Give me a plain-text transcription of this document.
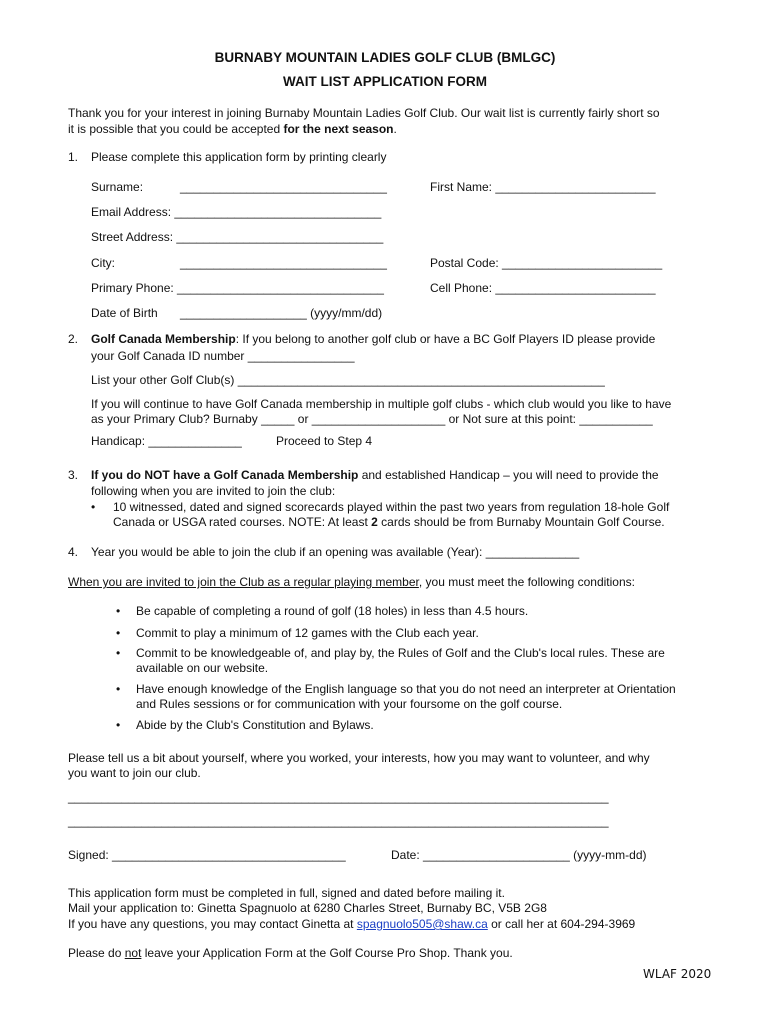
BURNABY MOUNTAIN LADIES GOLF CLUB (BMLGC)
WAIT LIST APPLICATION FORM
Thank you for your interest in joining Burnaby Mountain Ladies Golf Club. Our wait list is currently fairly short so
it is possible that you could be accepted for the next season.
1. Please complete this application form by printing clearly
Surname:	_______________________________	First Name: ________________________
Email Address: _______________________________
Street Address: _______________________________
City:	_______________________________	Postal Code: ________________________
Primary Phone: _______________________________	Cell Phone: ________________________
Date of Birth ___________________ (yyyy/mm/dd)
2. Golf Canada Membership: If you belong to another golf club or have a BC Golf Players ID please provide
your Golf Canada ID number ________________
List your other Golf Club(s) _______________________________________________________
If you will continue to have Golf Canada membership in multiple golf clubs - which club would you like to have
as your Primary Club? Burnaby _____ or ____________________ or Not sure at this point: ___________
Handicap: ______________	Proceed to Step 4
3. If you do NOT have a Golf Canada Membership and established Handicap – you will need to provide the
following when you are invited to join the club:
• 10 witnessed, dated and signed scorecards played within the past two years from regulation 18-hole Golf
Canada or USGA rated courses. NOTE: At least 2 cards should be from Burnaby Mountain Golf Course.
4. Year you would be able to join the club if an opening was available (Year): ______________
When you are invited to join the Club as a regular playing member, you must meet the following conditions:
• Be capable of completing a round of golf (18 holes) in less than 4.5 hours.
• Commit to play a minimum of 12 games with the Club each year.
• Commit to be knowledgeable of, and play by, the Rules of Golf and the Club's local rules. These are
available on our website.
• Have enough knowledge of the English language so that you do not need an interpreter at Orientation
and Rules sessions or for communication with your foursome on the golf course.
• Abide by the Club's Constitution and Bylaws.
Please tell us a bit about yourself, where you worked, your interests, how you may want to volunteer, and why
you want to join our club.
_________________________________________________________________________________
_________________________________________________________________________________
Signed: ___________________________________	Date: ______________________ (yyyy-mm-dd)
This application form must be completed in full, signed and dated before mailing it.
Mail your application to: Ginetta Spagnuolo at 6280 Charles Street, Burnaby BC, V5B 2G8
If you have any questions, you may contact Ginetta at spagnuolo505@shaw.ca or call her at 604-294-3969
Please do not leave your Application Form at the Golf Course Pro Shop. Thank you.
WLAF 2020
